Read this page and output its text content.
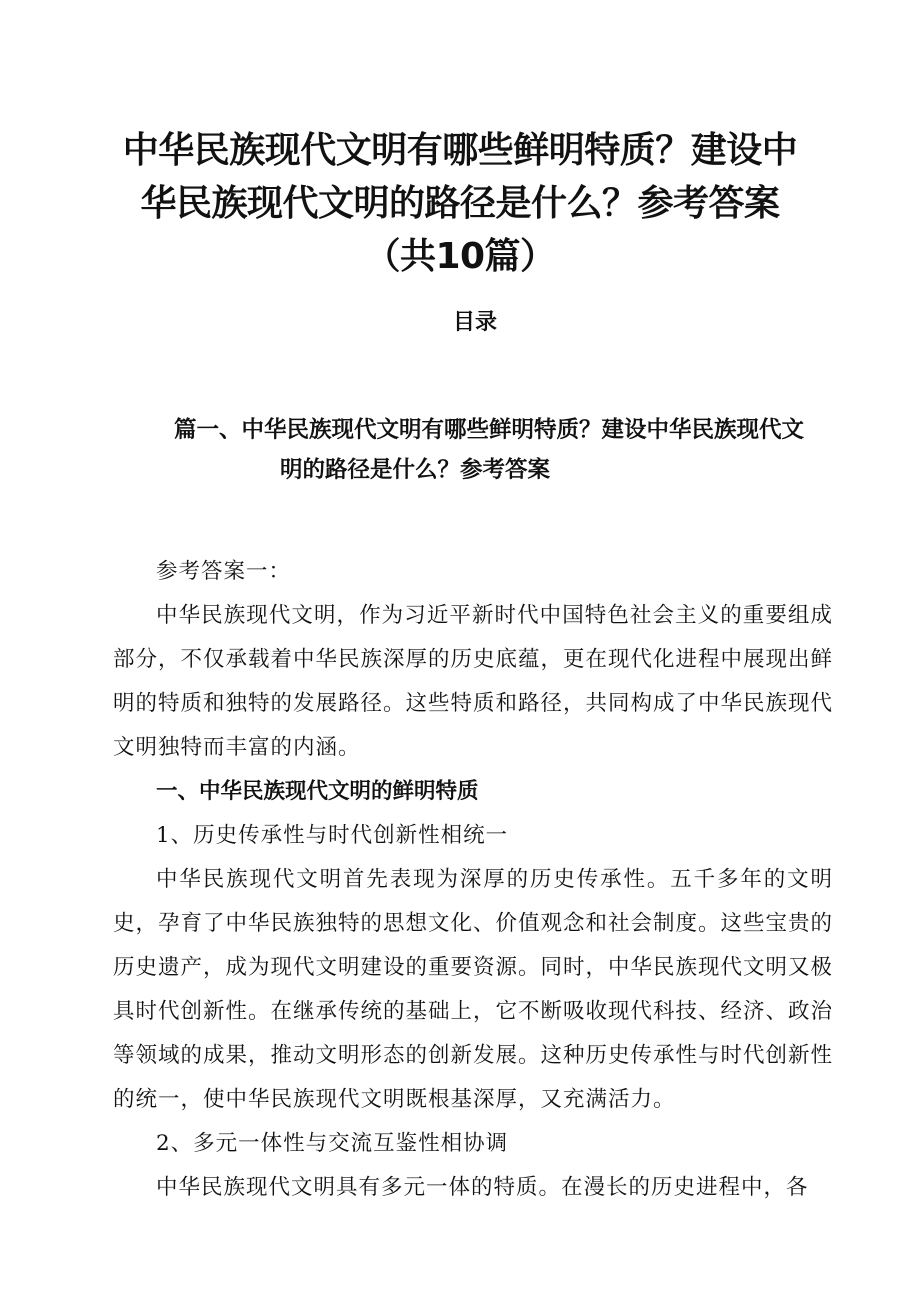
中华民族现代文明有哪些鲜明特质？建设中华民族现代文明的路径是什么？参考答案（共10篇）
目录
篇一、中华民族现代文明有哪些鲜明特质？建设中华民族现代文
明的路径是什么？参考答案

参考答案一：

中华民族现代文明，作为习近平新时代中国特色社会主义的重要组成部分，不仅承载着中华民族深厚的历史底蕴，更在现代化进程中展现出鲜明的特质和独特的发展路径。这些特质和路径，共同构成了中华民族现代文明独特而丰富的内涵。

一、中华民族现代文明的鲜明特质

1、历史传承性与时代创新性相统一

中华民族现代文明首先表现为深厚的历史传承性。五千多年的文明史，孕育了中华民族独特的思想文化、价值观念和社会制度。这些宝贵的历史遗产，成为现代文明建设的重要资源。同时，中华民族现代文明又极具时代创新性。在继承传统的基础上，它不断吸收现代科技、经济、政治等领域的成果，推动文明形态的创新发展。这种历史传承性与时代创新性的统一，使中华民族现代文明既根基深厚，又充满活力。

2、多元一体性与交流互鉴性相协调

中华民族现代文明具有多元一体的特质。在漫长的历史进程中，各
